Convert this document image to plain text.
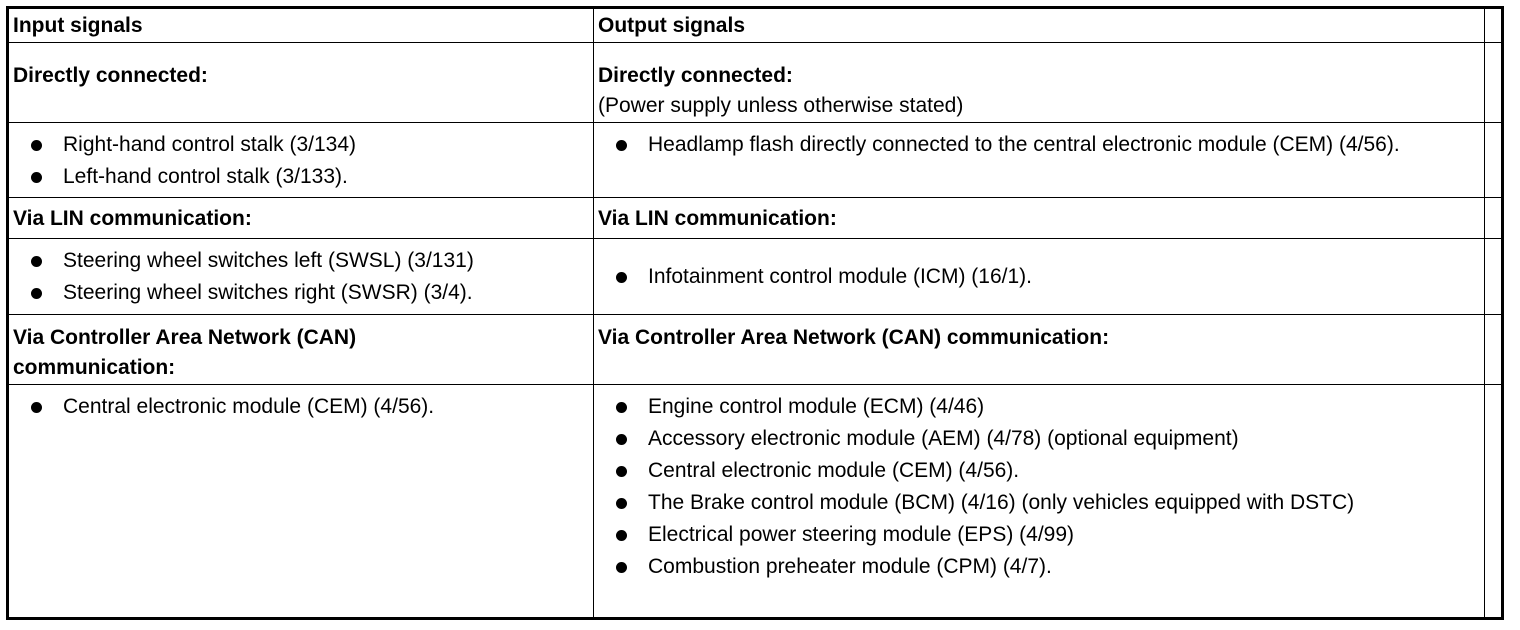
Input signals
Directly connected:
Right-hand control stalk (3/134)
Left-hand control stalk (3/133).
Via LIN communication:
Steering wheel switches left (SWSL) (3/131)
Steering wheel switches right (SWSR) (3/4).
Via Controller Area Network (CAN)
communication:
Central electronic module (CEM) (4/56).
Output signals
Directly connected:
(Power supply unless otherwise stated)
Headlamp flash directly connected to the central electronic module (CEM) (4/56).
Via LIN communication:
Infotainment control module (ICM) (16/1).
Via Controller Area Network (CAN) communication:
Engine control module (ECM) (4/46)
Accessory electronic module (AEM) (4/78) (optional equipment)
Central electronic module (CEM) (4/56).
The Brake control module (BCM) (4/16) (only vehicles equipped with DSTC)
Electrical power steering module (EPS) (4/99)
Combustion preheater module (CPM) (4/7).
